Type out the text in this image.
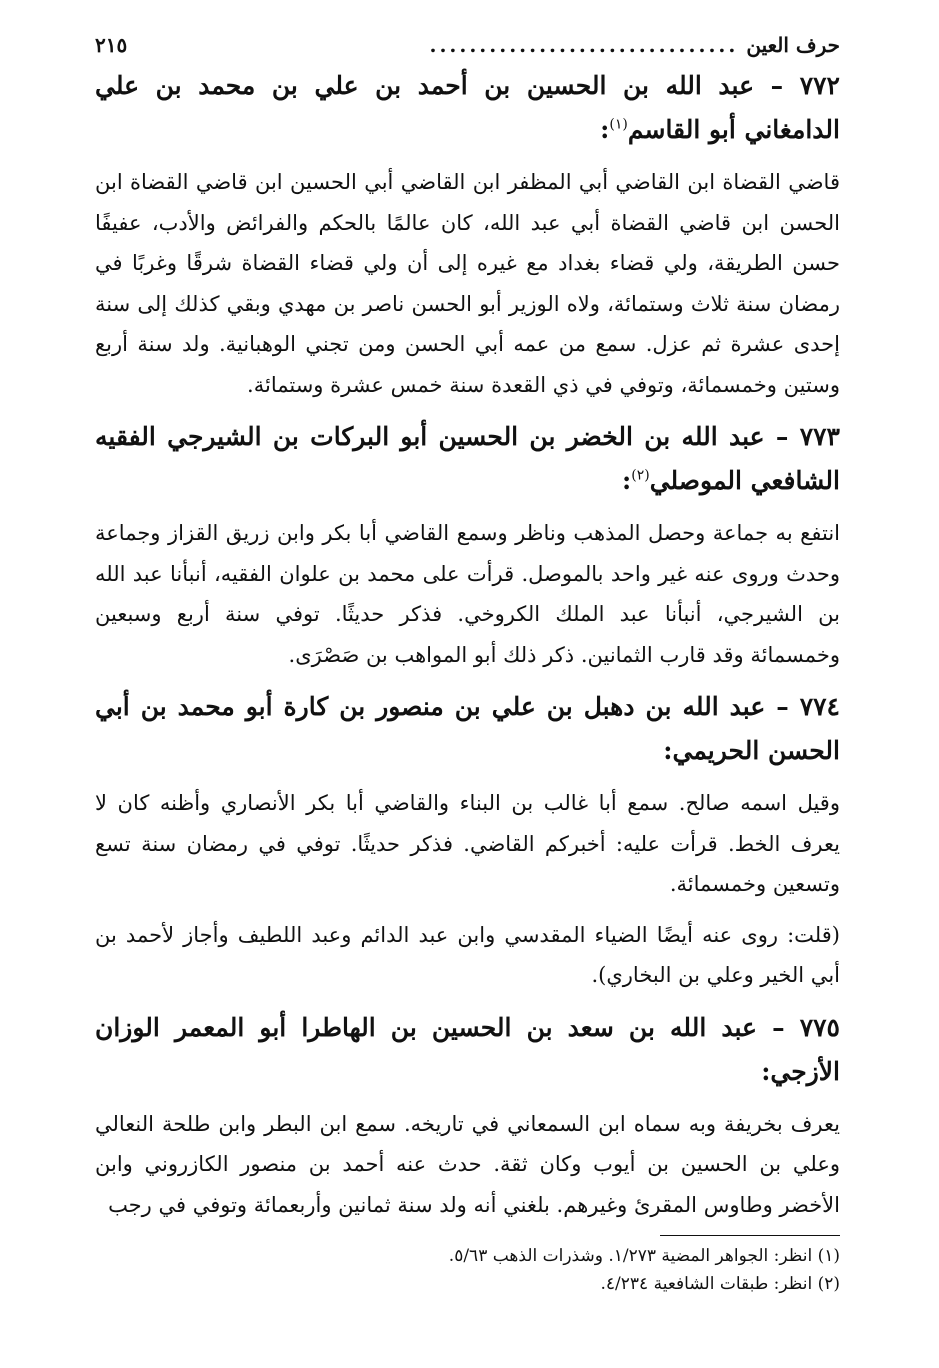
حرف العين
...............................
٢١٥
٧٧٢ – عبد الله بن الحسين بن أحمد بن علي بن محمد بن علي الدامغاني أبو القاسم$^{(١)}$:

قاضي القضاة ابن القاضي أبي المظفر ابن القاضي أبي الحسين ابن قاضي القضاة ابن الحسن ابن قاضي القضاة أبي عبد الله، كان عالمًا بالحكم والفرائض والأدب، عفيفًا حسن الطريقة، ولي قضاء بغداد مع غيره إلى أن ولي قضاء القضاة شرقًا وغربًا في رمضان سنة ثلاث وستمائة، ولاه الوزير أبو الحسن ناصر بن مهدي وبقي كذلك إلى سنة إحدى عشرة ثم عزل. سمع من عمه أبي الحسن ومن تجني الوهبانية. ولد سنة أربع وستين وخمسمائة، وتوفي في ذي القعدة سنة خمس عشرة وستمائة.

٧٧٣ – عبد الله بن الخضر بن الحسين أبو البركات بن الشيرجي الفقيه الشافعي الموصلي$^{(٢)}$:

انتفع به جماعة وحصل المذهب وناظر وسمع القاضي أبا بكر وابن زريق القزاز وجماعة وحدث وروى عنه غير واحد بالموصل. قرأت على محمد بن علوان الفقيه، أنبأنا عبد الله بن الشيرجي، أنبأنا عبد الملك الكروخي. فذكر حديثًا. توفي سنة أربع وسبعين وخمسمائة وقد قارب الثمانين. ذكر ذلك أبو المواهب بن صَصْرَى.

٧٧٤ – عبد الله بن دهبل بن علي بن منصور بن كارة أبو محمد بن أبي الحسن الحريمي:

وقيل اسمه صالح. سمع أبا غالب بن البناء والقاضي أبا بكر الأنصاري وأظنه كان لا يعرف الخط. قرأت عليه: أخبركم القاضي. فذكر حديثًا. توفي في رمضان سنة تسع وتسعين وخمسمائة.

(قلت: روى عنه أيضًا الضياء المقدسي وابن عبد الدائم وعبد اللطيف وأجاز لأحمد بن أبي الخير وعلي بن البخاري).

٧٧٥ – عبد الله بن سعد بن الحسين بن الهاطرا أبو المعمر الوزان الأزجي:

يعرف بخريفة وبه سماه ابن السمعاني في تاريخه. سمع ابن البطر وابن طلحة النعالي وعلي بن الحسين بن أيوب وكان ثقة. حدث عنه أحمد بن منصور الكازروني وابن الأخضر وطاوس المقرئ وغيرهم. بلغني أنه ولد سنة ثمانين وأربعمائة وتوفي في رجب

(١) انظر: الجواهر المضية ١/٢٧٣. وشذرات الذهب ٥/٦٣.
(٢) انظر: طبقات الشافعية ٤/٢٣٤.
